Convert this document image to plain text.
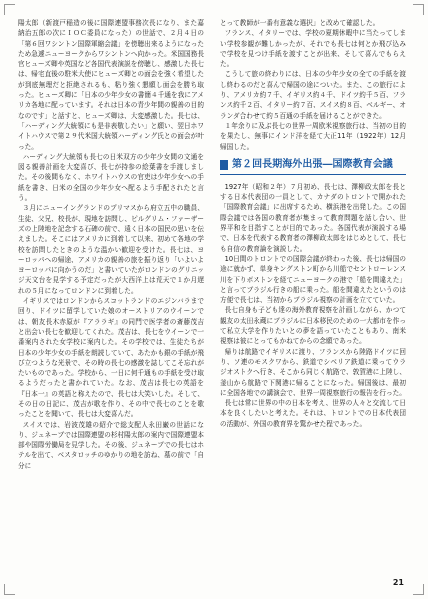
陽太郎（新渡戸稲造の後に国際連盟事務次長になり、また嘉納治五郎の次にＩＯＣ委員になった）の世話で、２月４日の「第６回ワシントン国際軍縮会議」を傍聴出来るようになったため急遽ニューヨークからワシントンへ向かった。米国国務長官ヒューズ卿や英国など各国代表演説を傍聴し、感激した長七は、帰宅直後の駐米大使にヒューズ卿との面会を強く希望したが到底無理だと拒絶されるも、粘り強く懇願し面会を勝ち取った。ヒューズ卿に「日本の少年少女の書簡４千通を我にアメリカ各地に配っています。それは日本の青少年間の親善の目的なのです」と話すと、ヒューズ卿は、大変感激した。長七は、「ハーディング大統領にも是非表敬したい」と願い、翌日ホワイトハウスで第２９代米国大統領ハーディング氏との面会が叶った。

ハーディング大統領も長七の日米双方の少年少女間の文通を図る親善計画を大変喜び、長七が持参の絵葉書を手渡しました。その後間もなく、ホワイトハウスの官吏は少年少女への手紙を書き、日米の全国の少年少女へ配るよう手配されたと言う。

３月にニューイングランドのプリマスから府立五中の職員、生徒、父兄、校長が、現地を訪問し、ピルグリム・ファーザーズの上陸地を記念する石碑の前で、遠く日本の国民の思いを伝えました。そこにはアメリカに到着して以来、初めて各地の学校を訪問したときのような温かい歓迎を受けた。長七は、ヨーロッパへの帰途、アメリカの親善の旅を振り返り「いよいよヨーロッパに向かうのだ」と書いていたがロンドンのグリニッジ天文台を見学する予定だったが大西洋上は荒天で１か月遅れの５月になってロンドンに到着した。

イギリスではロンドンからスコットランドのエジンバラまで回り、ドイツに留学していた娘のオーストリアのウイーンでは、朝友長木赤原が『アララギ』の同門で医学者の斎藤茂吉と出会い長七を歓迎してくれた。茂吉は、長七をウイーンで一番案内された女学校に案内した。その学校では、生徒たちが日本の少年少女の手紙を朗読していて、あたかも銀の手紙が飛び立つような光景で、その時の長七の感激を誌してこそ忘れがたいものであった。学校から、一日に何千通もの手紙を受け取るようだったと書かれていた。なお、茂吉は長七の英語を『日本一』の英語と称えたので、長七は大笑いした。そして、その日の日記に、茂吉が歌を作り、その中で長七のことを歌ったことを聞いて、長七は大変喜んだ。

スイスでは、岩波茂雄の紹介で総支配人永田巌の世話になり、ジュネーブでは国際連盟の杉村陽太郎の案内で国際連盟本部や国際労働局を見学した。その後、ジュネーブでの長七はホテルを出て、ベスタロッチのゆかりの地を訪ね、墓の前で「自分に

とって教師が一番有意義な選択」と改めて確認した。

フランス、イタリーでは、学校の夏期休暇中に当たってしまい学校参観が難しかったが、それでも長七は何とか飛び込みで学校を見つけ手紙を渡すことが出来、そして喜んでもらえた。

こうして旅の終わりには、日本の少年少女の全ての手紙を渡し終わるのだと喜んで帰国の途についた。また、この旅行により、アメリカ約７千、イギリス約４千、ドイツ約千５百、フランス約千２百、イタリー約７百、スイス約８百、ベルギー、オランダ合わせて約５百通の手紙を届けることができた。

１年余りに及ぶ長七の世界一周欧米視察旅行は、当初の目的を果たし、無事にインド洋を経て大正11年（1922年）12月帰国した。

第２回長期海外出張―国際教育会議

1927年（昭和２年）７月初め、長七は、澤柳政太郎を長とする日本代表団の一員として、カナダのトロントで開かれた「国際教育会議」に出席するため、横浜港を出発した。この国際会議では各国の教育者が集まって教育問題を話し合い、世界平和を目指すことが目的であった。各国代表が演説する場で、日本を代表する教育者の澤柳政太郎をはじめとして、長七も自信の教育論を演説した。

10日間のトロントでの国際会議が終わった後、長七は帰国の途に就かず、単身キングストン町から川船でセントローレンス川を下りボストンを経てニューヨークの港で「船を間違えた」と言ってブラジル行きの船に乗った。船を間違えたというのは方便で長七は、当初からブラジル視察の計画を立てていた。

長七自身も子ども達の海外教育視察を計画しながら、かつて観友の太田永蔵にブラジルに日本移民のための一大都市を作って私立大学を作りたいとの夢を語っていたこともあり、南米視察は彼にとってもかねてからの念願であった。

帰りは航路でイギリスに渡り、フランスから陸路ドイツに回り、ソ連のモスクワから、鉄道でシベリア鉄道に乗ってウラジオストクへ行き、そこから同じく航路で、敦賀港に上陸し、釜山から航路で下関港に帰ることになった。帰国後は、最初に全国各地での講演会で、世界一周視察旅行の報告を行った。

長七は常に世界の中の日本を考え、世界の人々と交流して日本を良くしたいと考えた。それは、トロントでの日本代表団の活動が、外国の教育界を驚かせた程であった。

21
